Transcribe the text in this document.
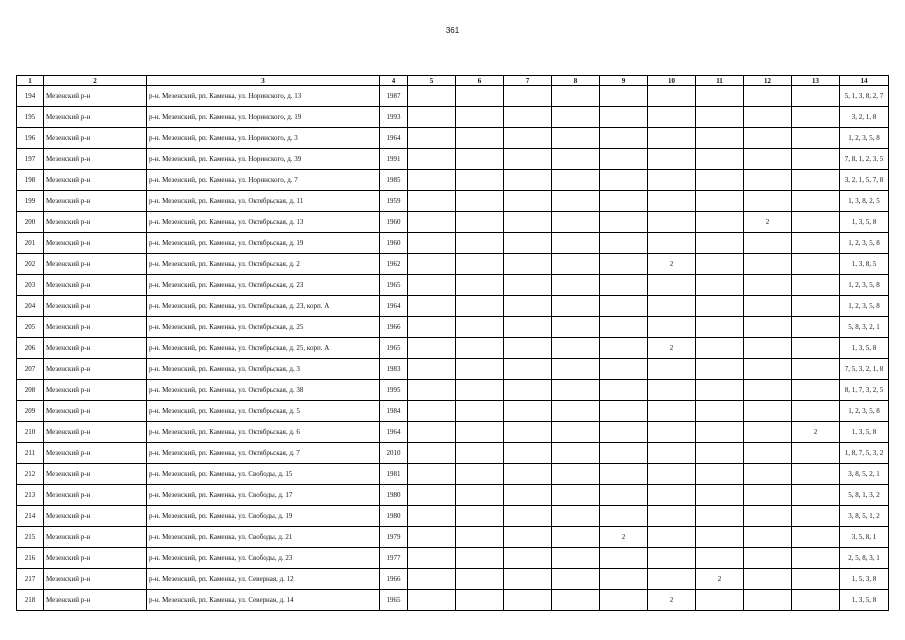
361
1	2	3	4	5	6	7	8	9	10	11	12	13	14
194	Мезенский р-н	р-н. Мезенский, рп. Каменка, ул. Норинского, д. 13	1987										5, 1, 3, 8, 2, 7
195	Мезенский р-н	р-н. Мезенский, рп. Каменка, ул. Норинского, д. 19	1993										3, 2, 1, 8
196	Мезенский р-н	р-н. Мезенский, рп. Каменка, ул. Норинского, д. 3	1964										1, 2, 3, 5, 8
197	Мезенский р-н	р-н. Мезенский, рп. Каменка, ул. Норинского, д. 39	1991										7, 8, 1, 2, 3, 5
198	Мезенский р-н	р-н. Мезенский, рп. Каменка, ул. Норинского, д. 7	1985										3, 2, 1, 5, 7, 8
199	Мезенский р-н	р-н. Мезенский, рп. Каменка, ул. Октябрьская, д. 11	1959										1, 3, 8, 2, 5
200	Мезенский р-н	р-н. Мезенский, рп. Каменка, ул. Октябрьская, д. 13	1960								2		1, 3, 5, 8
201	Мезенский р-н	р-н. Мезенский, рп. Каменка, ул. Октябрьская, д. 19	1960										1, 2, 3, 5, 8
202	Мезенский р-н	р-н. Мезенский, рп. Каменка, ул. Октябрьская, д. 2	1962						2				1, 3, 8, 5
203	Мезенский р-н	р-н. Мезенский, рп. Каменка, ул. Октябрьская, д. 23	1965										1, 2, 3, 5, 8
204	Мезенский р-н	р-н. Мезенский, рп. Каменка, ул. Октябрьская, д. 23, корп. А	1964										1, 2, 3, 5, 8
205	Мезенский р-н	р-н. Мезенский, рп. Каменка, ул. Октябрьская, д. 25	1966										5, 8, 3, 2, 1
206	Мезенский р-н	р-н. Мезенский, рп. Каменка, ул. Октябрьская, д. 25, корп. А	1965						2				1, 3, 5, 8
207	Мезенский р-н	р-н. Мезенский, рп. Каменка, ул. Октябрьская, д. 3	1983										7, 5, 3, 2, 1, 8
208	Мезенский р-н	р-н. Мезенский, рп. Каменка, ул. Октябрьская, д. 38	1995										8, 1, 7, 3, 2, 5
209	Мезенский р-н	р-н. Мезенский, рп. Каменка, ул. Октябрьская, д. 5	1984										1, 2, 3, 5, 8
210	Мезенский р-н	р-н. Мезенский, рп. Каменка, ул. Октябрьская, д. 6	1964									2	1, 3, 5, 8
211	Мезенский р-н	р-н. Мезенский, рп. Каменка, ул. Октябрьская, д. 7	2010										1, 8, 7, 5, 3, 2
212	Мезенский р-н	р-н. Мезенский, рп. Каменка, ул. Свободы, д. 15	1981										3, 8, 5, 2, 1
213	Мезенский р-н	р-н. Мезенский, рп. Каменка, ул. Свободы, д. 17	1980										5, 8, 1, 3, 2
214	Мезенский р-н	р-н. Мезенский, рп. Каменка, ул. Свободы, д. 19	1980										3, 8, 5, 1, 2
215	Мезенский р-н	р-н. Мезенский, рп. Каменка, ул. Свободы, д. 21	1979					2					3, 5, 8, 1
216	Мезенский р-н	р-н. Мезенский, рп. Каменка, ул. Свободы, д. 23	1977										2, 5, 8, 3, 1
217	Мезенский р-н	р-н. Мезенский, рп. Каменка, ул. Северная, д. 12	1966							2			1, 5, 3, 8
218	Мезенский р-н	р-н. Мезенский, рп. Каменка, ул. Северная, д. 14	1965						2				1, 3, 5, 8
